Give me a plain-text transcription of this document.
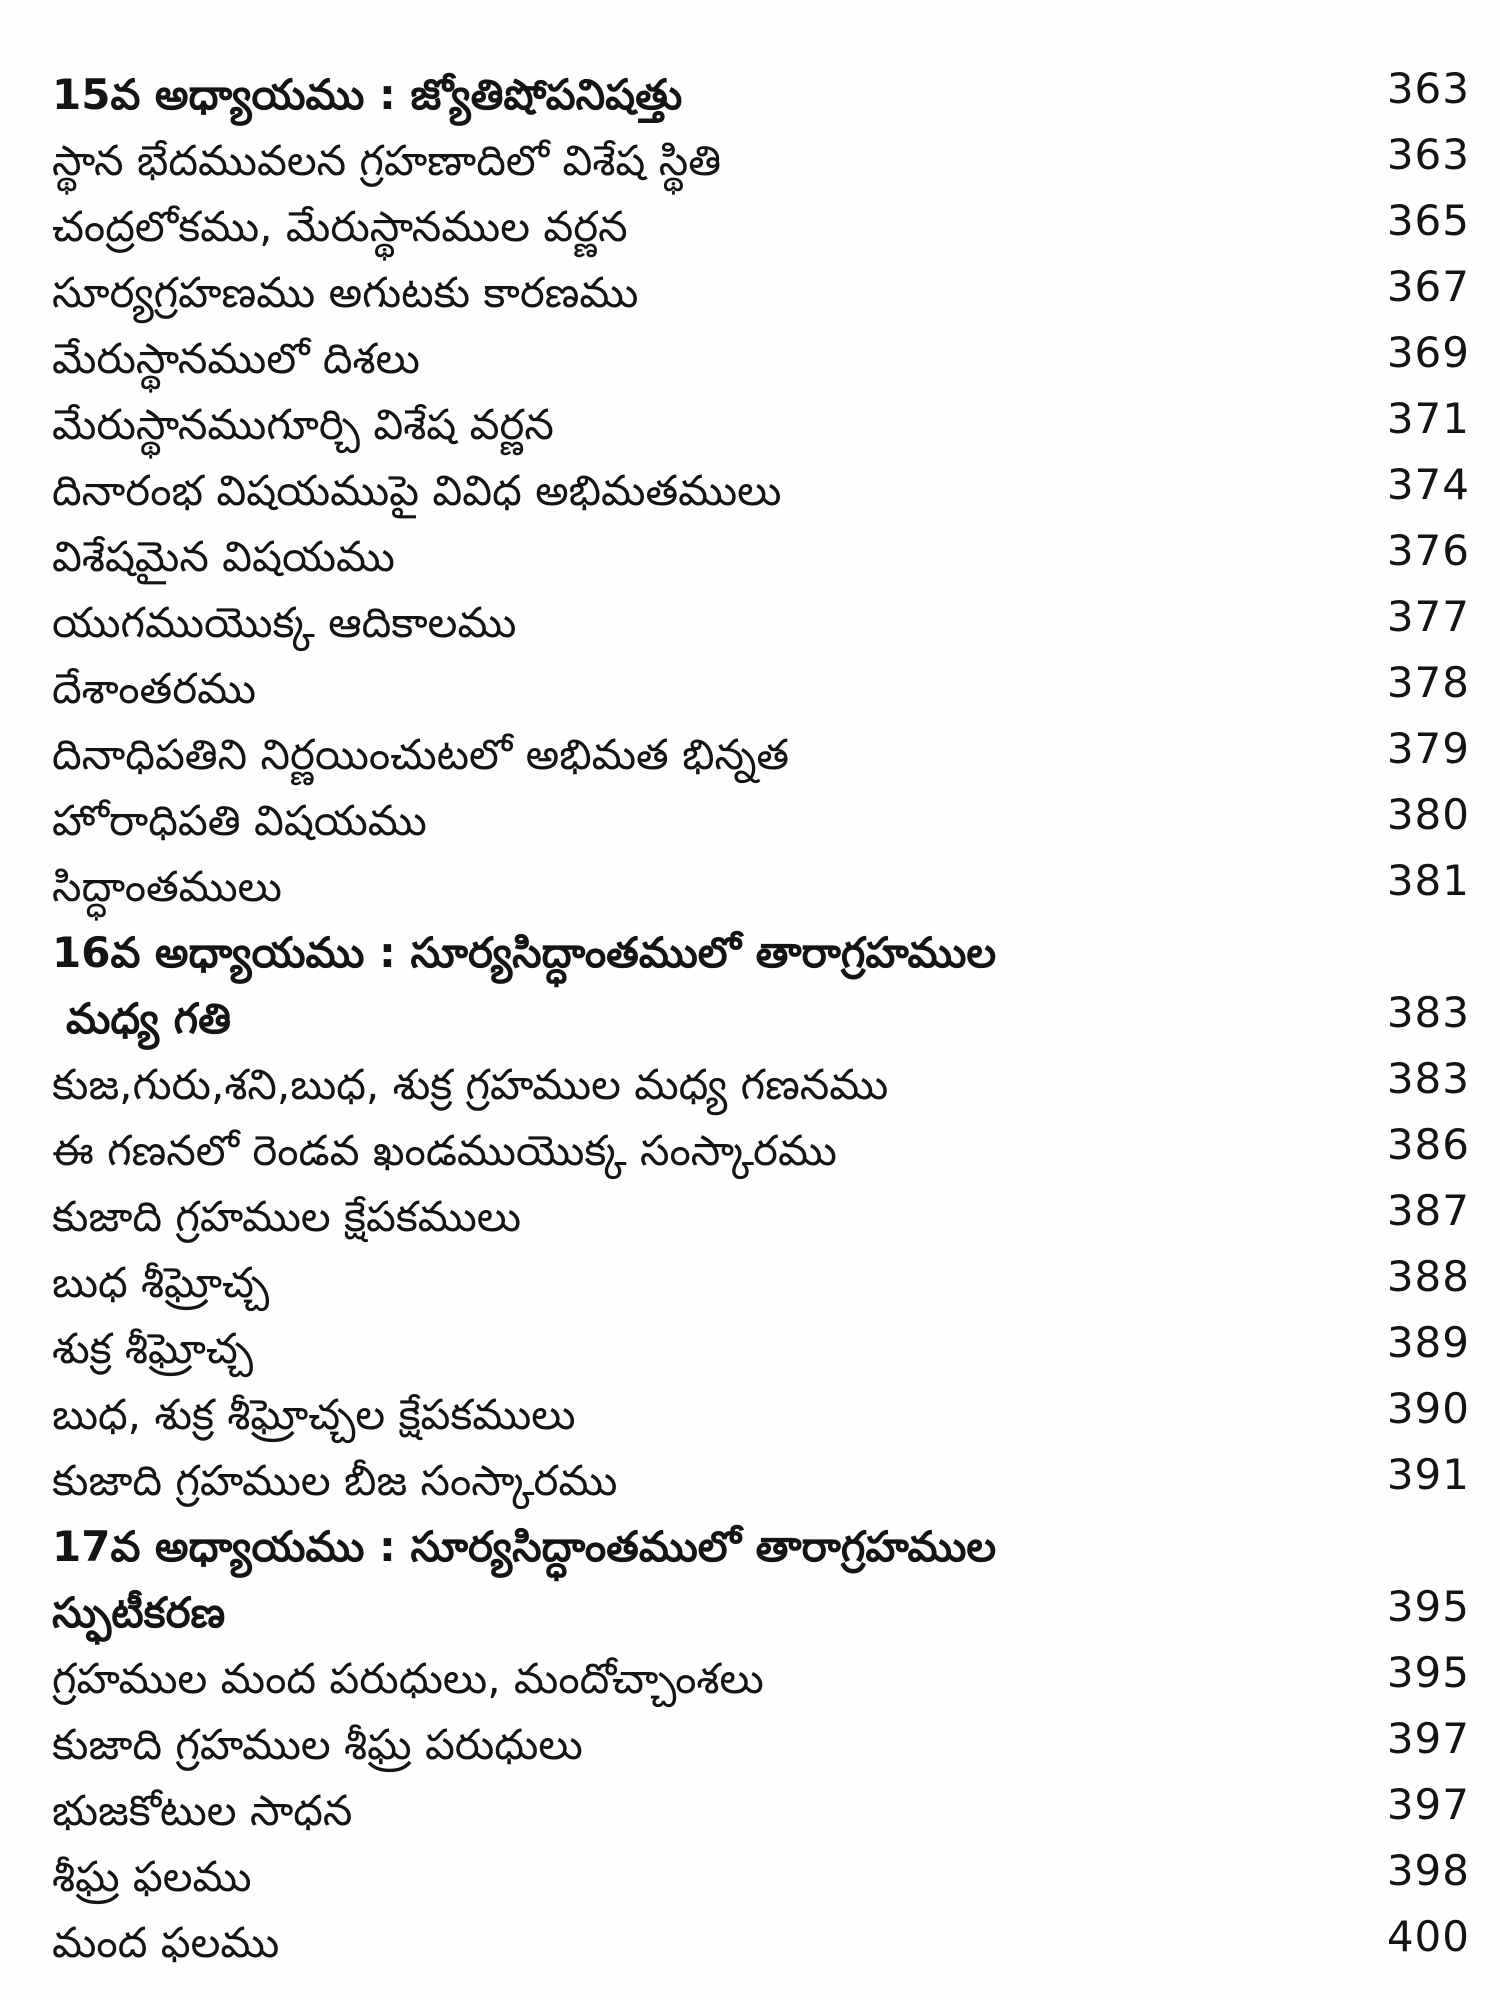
15వ అధ్యాయము : జ్యోతిషోపనిషత్తు	363
స్థాన భేదమువలన గ్రహణాదిలో విశేష స్థితి	363
చంద్రలోకము, మేరుస్థానముల వర్ణన	365
సూర్యగ్రహణము అగుటకు కారణము	367
మేరుస్థానములో దిశలు	369
మేరుస్థానముగూర్చి విశేష వర్ణన	371
దినారంభ విషయముపై వివిధ అభిమతములు	374
విశేషమైన విషయము	376
యుగముయొక్క ఆదికాలము	377
దేశాంతరము	378
దినాధిపతిని నిర్ణయించుటలో అభిమత భిన్నత	379
హోరాధిపతి విషయము	380
సిద్ధాంతములు	381
16వ అధ్యాయము : సూర్యసిద్ధాంతములో తారాగ్రహముల
మధ్య గతి	383
కుజ,గురు,శని,బుధ, శుక్ర గ్రహముల మధ్య గణనము	383
ఈ గణనలో రెండవ ఖండముయొక్క సంస్కారము	386
కుజాది గ్రహముల క్షేపకములు	387
బుధ శీఘ్రోచ్చ	388
శుక్ర శీఘ్రోచ్చ	389
బుధ, శుక్ర శీఘ్రోచ్చల క్షేపకములు	390
కుజాది గ్రహముల బీజ సంస్కారము	391
17వ అధ్యాయము : సూర్యసిద్ధాంతములో తారాగ్రహముల
స్ఫుటీకరణ	395
గ్రహముల మంద పరుధులు, మందోచ్చాంశలు	395
కుజాది గ్రహముల శీఘ్ర పరుధులు	397
భుజకోటుల సాధన	397
శీఘ్ర ఫలము	398
మంద ఫలము	400
